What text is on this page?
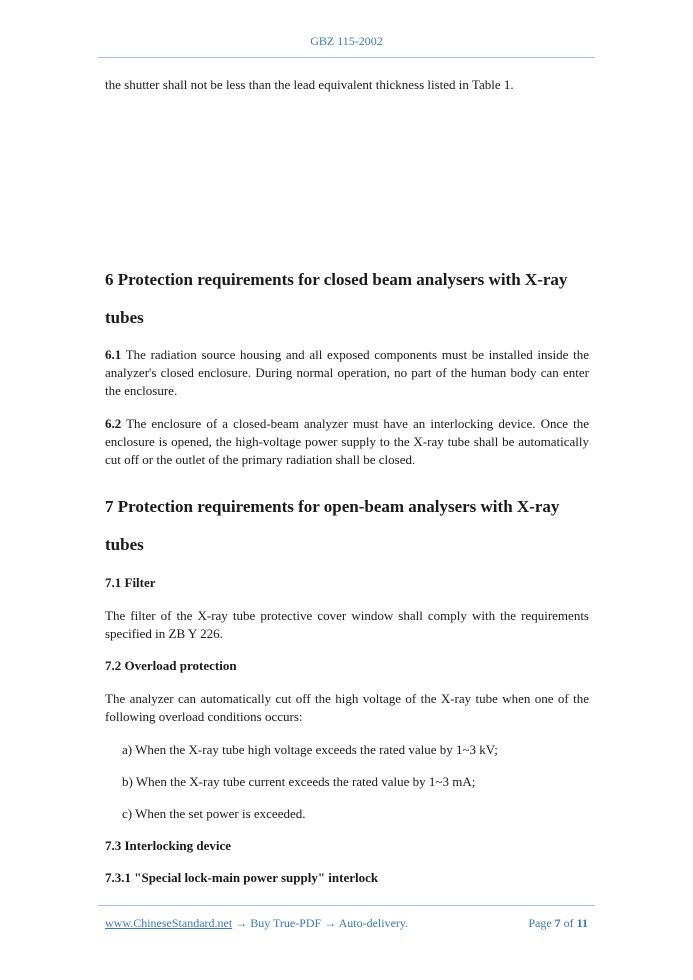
GBZ 115-2002

the shutter shall not be less than the lead equivalent thickness listed in Table 1.

6 Protection requirements for closed beam analysers with X-ray
tubes

6.1 The radiation source housing and all exposed components must be installed inside the analyzer's closed enclosure. During normal operation, no part of the human body can enter the enclosure.

6.2 The enclosure of a closed-beam analyzer must have an interlocking device. Once the enclosure is opened, the high-voltage power supply to the X-ray tube shall be automatically cut off or the outlet of the primary radiation shall be closed.

7 Protection requirements for open-beam analysers with X-ray
tubes

7.1 Filter

The filter of the X-ray tube protective cover window shall comply with the requirements specified in ZB Y 226.

7.2 Overload protection

The analyzer can automatically cut off the high voltage of the X-ray tube when one of the following overload conditions occurs:

a) When the X-ray tube high voltage exceeds the rated value by 1~3 kV;

b) When the X-ray tube current exceeds the rated value by 1~3 mA;

c) When the set power is exceeded.

7.3 Interlocking device

7.3.1 "Special lock-main power supply" interlock

www.ChineseStandard.net → Buy True-PDF → Auto-delivery.	Page 7 of 11
